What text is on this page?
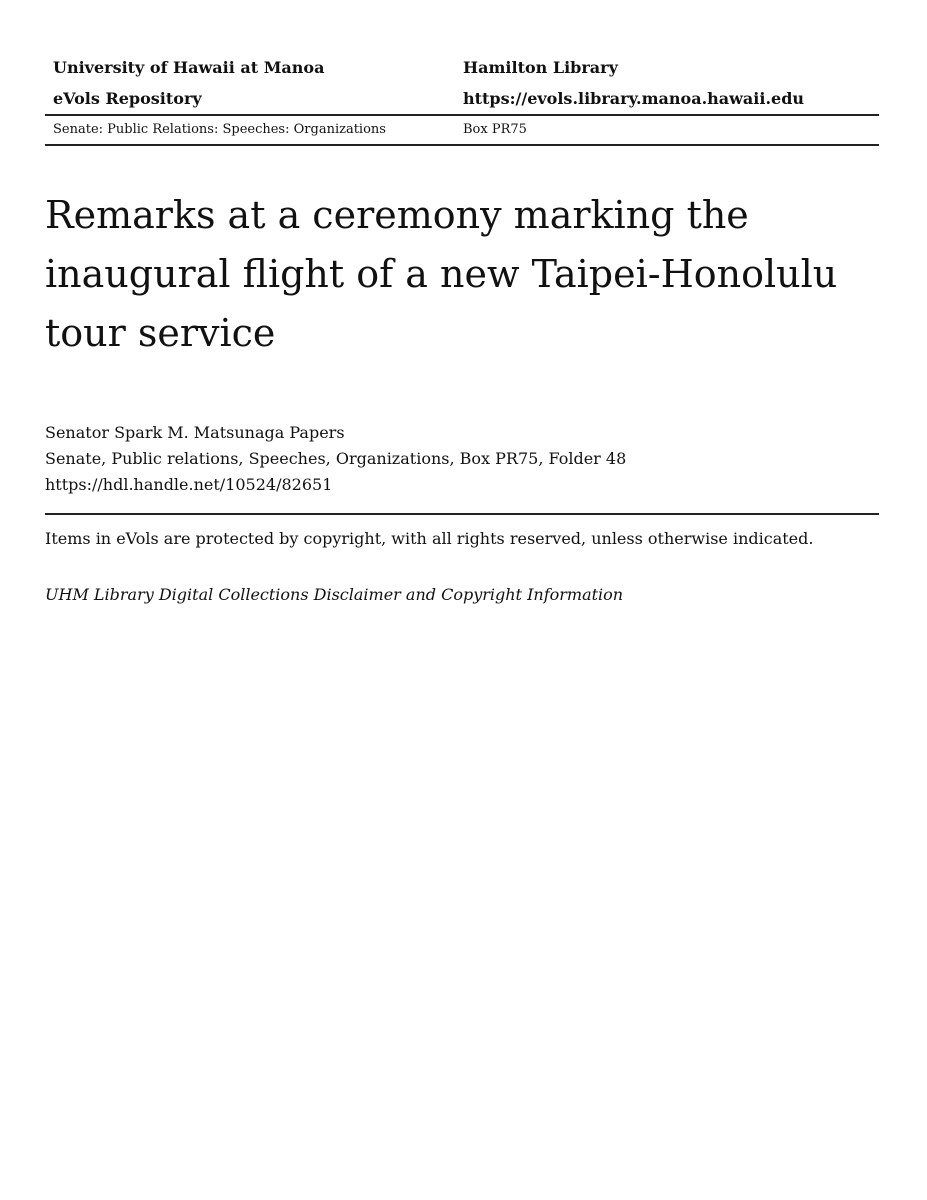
University of Hawaii at Manoa	Hamilton Library
eVols Repository	https://evols.library.manoa.hawaii.edu
Senate: Public Relations: Speeches: Organizations	Box PR75
Remarks at a ceremony marking the inaugural flight of a new Taipei-Honolulu tour service
Senator Spark M. Matsunaga Papers
Senate, Public relations, Speeches, Organizations, Box PR75, Folder 48
https://hdl.handle.net/10524/82651
Items in eVols are protected by copyright, with all rights reserved, unless otherwise indicated.
UHM Library Digital Collections Disclaimer and Copyright Information
